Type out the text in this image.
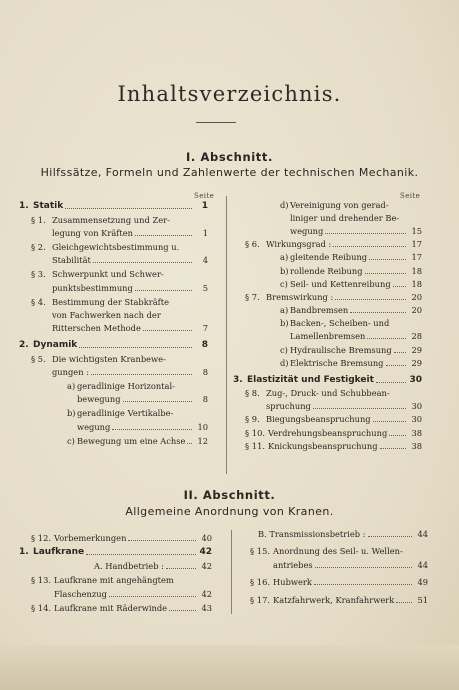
Inhaltsverzeichnis.
I. Abschnitt.
Hilfssätze, Formeln und Zahlenwerte der technischen Mechanik.
Seite	Seite
1. Statik	1
§ 1. Zusammensetzung und Zer-
legung von Kräften	1
§ 2. Gleichgewichtsbestimmung u.
Stabilität	4
§ 3. Schwerpunkt und Schwer-
punktsbestimmung	5
§ 4. Bestimmung der Stabkräfte
von Fachwerken nach der
Ritterschen Methode	7
2. Dynamik	8
§ 5. Die wichtigsten Kranbewe-
gungen :	8
a) geradlinige Horizontal-
bewegung	8
b) geradlinige Vertikalbe-
wegung	10
c) Bewegung um eine Achse	12
d) Vereinigung von gerad-
liniger und drehender Be-
wegung	15
§ 6. Wirkungsgrad :	17
a) gleitende Reibung	17
b) rollende Reibung	18
c) Seil- und Kettenreibung	18
§ 7. Bremswirkung :	20
a) Bandbremsen	20
b) Backen-, Scheiben- und
Lamellenbremsen	28
c) Hydraulische Bremsung	29
d) Elektrische Bremsung	29
3. Elastizität und Festigkeit	30
§ 8. Zug-, Druck- und Schubbean-
spruchung	30
§ 9. Biegungsbeanspruchung	30
§ 10. Verdrehungsbeanspruchung	38
§ 11. Knickungsbeanspruchung	38
II. Abschnitt.
Allgemeine Anordnung von Kranen.
§ 12. Vorbemerkungen	40
1. Laufkrane	42
A. Handbetrieb :	42
§ 13. Laufkrane mit angehängtem
Flaschenzug	42
§ 14. Laufkrane mit Räderwinde	43
B. Transmissionsbetrieb :	44
§ 15. Anordnung des Seil- u. Wellen-
antriebes	44
§ 16. Hubwerk	49
§ 17. Katzfahrwerk, Kranfahrwerk	51
